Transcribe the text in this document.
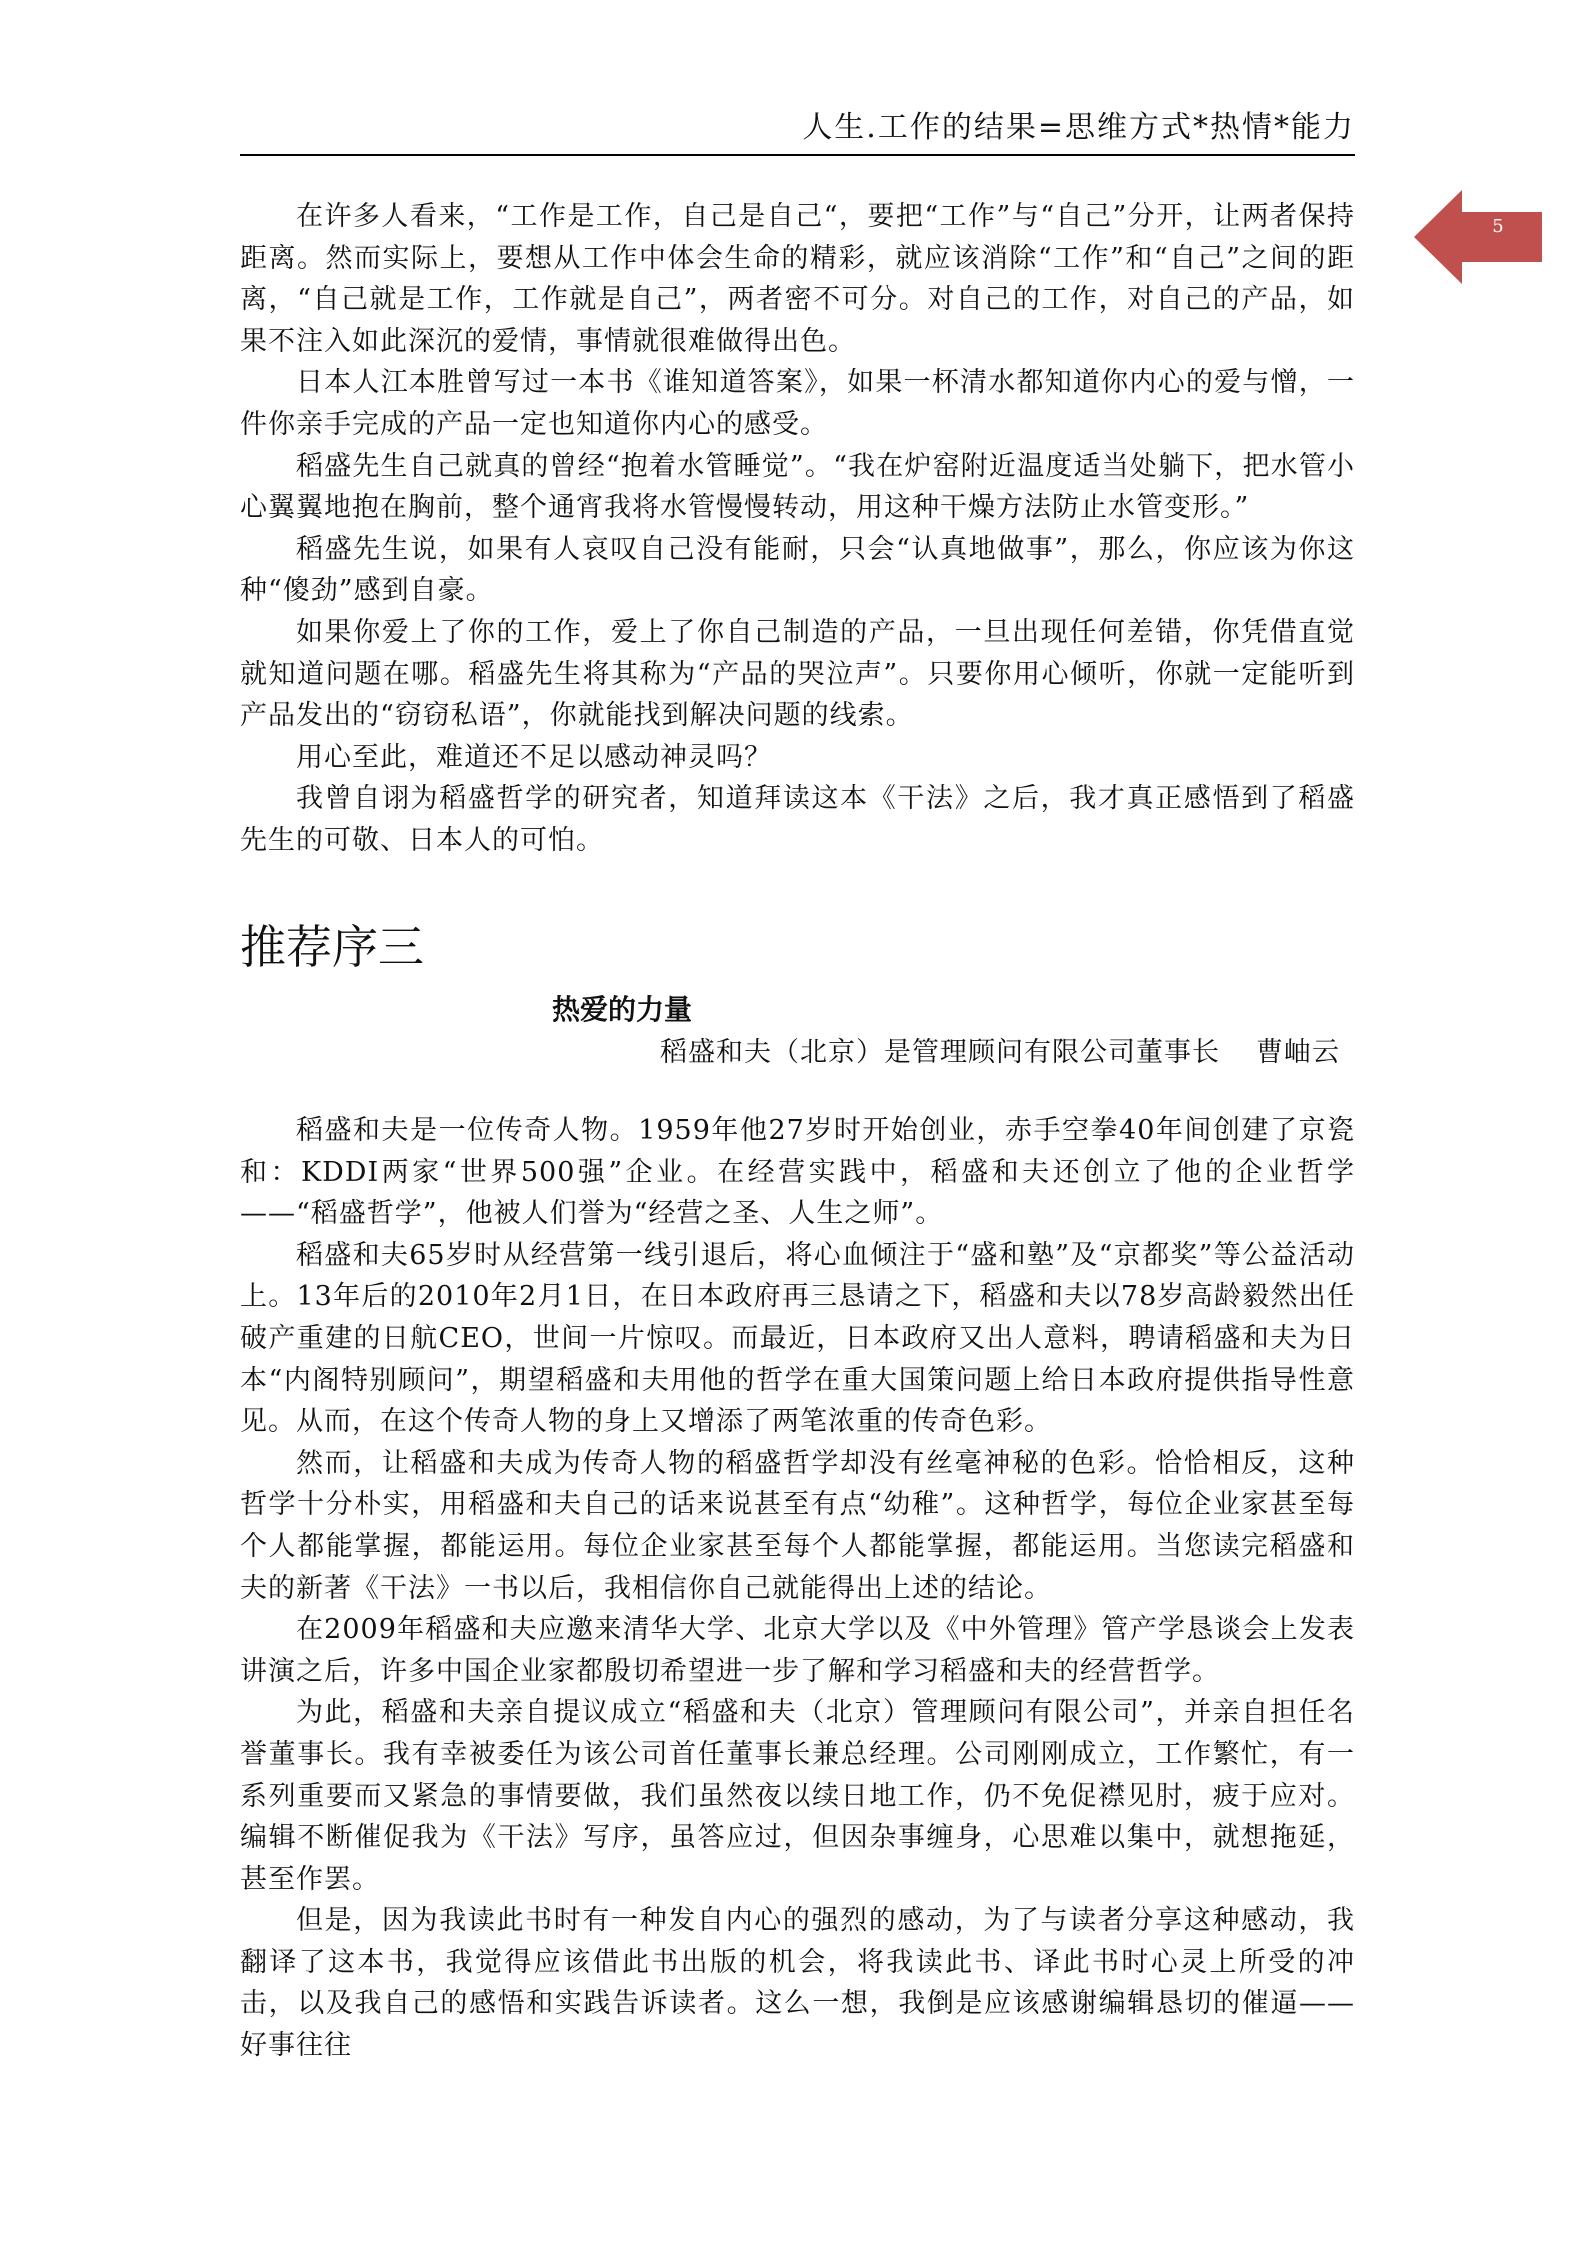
人生.工作的结果=思维方式*热情*能力
5

在许多人看来，“工作是工作，自己是自己“，要把“工作”与“自己”分开，让两者保持距离。然而实际上，要想从工作中体会生命的精彩，就应该消除“工作”和“自己”之间的距离，“自己就是工作，工作就是自己”，两者密不可分。对自己的工作，对自己的产品，如果不注入如此深沉的爱情，事情就很难做得出色。

日本人江本胜曾写过一本书《谁知道答案》，如果一杯清水都知道你内心的爱与憎，一件你亲手完成的产品一定也知道你内心的感受。

稻盛先生自己就真的曾经“抱着水管睡觉”。“我在炉窑附近温度适当处躺下，把水管小心翼翼地抱在胸前，整个通宵我将水管慢慢转动，用这种干燥方法防止水管变形。”

稻盛先生说，如果有人哀叹自己没有能耐，只会“认真地做事”，那么，你应该为你这种“傻劲”感到自豪。

如果你爱上了你的工作，爱上了你自己制造的产品，一旦出现任何差错，你凭借直觉就知道问题在哪。稻盛先生将其称为“产品的哭泣声”。只要你用心倾听，你就一定能听到产品发出的“窃窃私语”，你就能找到解决问题的线索。

用心至此，难道还不足以感动神灵吗？

我曾自诩为稻盛哲学的研究者，知道拜读这本《干法》之后，我才真正感悟到了稻盛先生的可敬、日本人的可怕。

推荐序三
热爱的力量
稻盛和夫（北京）是管理顾问有限公司董事长 曹岫云

稻盛和夫是一位传奇人物。1959年他27岁时开始创业，赤手空拳40年间创建了京瓷和：KDDI两家“世界500强”企业。在经营实践中，稻盛和夫还创立了他的企业哲学——“稻盛哲学”，他被人们誉为“经营之圣、人生之师”。

稻盛和夫65岁时从经营第一线引退后，将心血倾注于“盛和塾”及“京都奖”等公益活动上。13年后的2010年2月1日，在日本政府再三恳请之下，稻盛和夫以78岁高龄毅然出任破产重建的日航CEO，世间一片惊叹。而最近，日本政府又出人意料，聘请稻盛和夫为日本“内阁特别顾问”，期望稻盛和夫用他的哲学在重大国策问题上给日本政府提供指导性意见。从而，在这个传奇人物的身上又增添了两笔浓重的传奇色彩。

然而，让稻盛和夫成为传奇人物的稻盛哲学却没有丝毫神秘的色彩。恰恰相反，这种哲学十分朴实，用稻盛和夫自己的话来说甚至有点“幼稚”。这种哲学，每位企业家甚至每个人都能掌握，都能运用。每位企业家甚至每个人都能掌握，都能运用。当您读完稻盛和夫的新著《干法》一书以后，我相信你自己就能得出上述的结论。

在2009年稻盛和夫应邀来清华大学、北京大学以及《中外管理》管产学恳谈会上发表讲演之后，许多中国企业家都殷切希望进一步了解和学习稻盛和夫的经营哲学。

为此，稻盛和夫亲自提议成立“稻盛和夫（北京）管理顾问有限公司”，并亲自担任名誉董事长。我有幸被委任为该公司首任董事长兼总经理。公司刚刚成立，工作繁忙，有一系列重要而又紧急的事情要做，我们虽然夜以续日地工作，仍不免促襟见肘，疲于应对。编辑不断催促我为《干法》写序，虽答应过，但因杂事缠身，心思难以集中，就想拖延，甚至作罢。

但是，因为我读此书时有一种发自内心的强烈的感动，为了与读者分享这种感动，我翻译了这本书，我觉得应该借此书出版的机会，将我读此书、译此书时心灵上所受的冲击，以及我自己的感悟和实践告诉读者。这么一想，我倒是应该感谢编辑恳切的催逼——好事往往
